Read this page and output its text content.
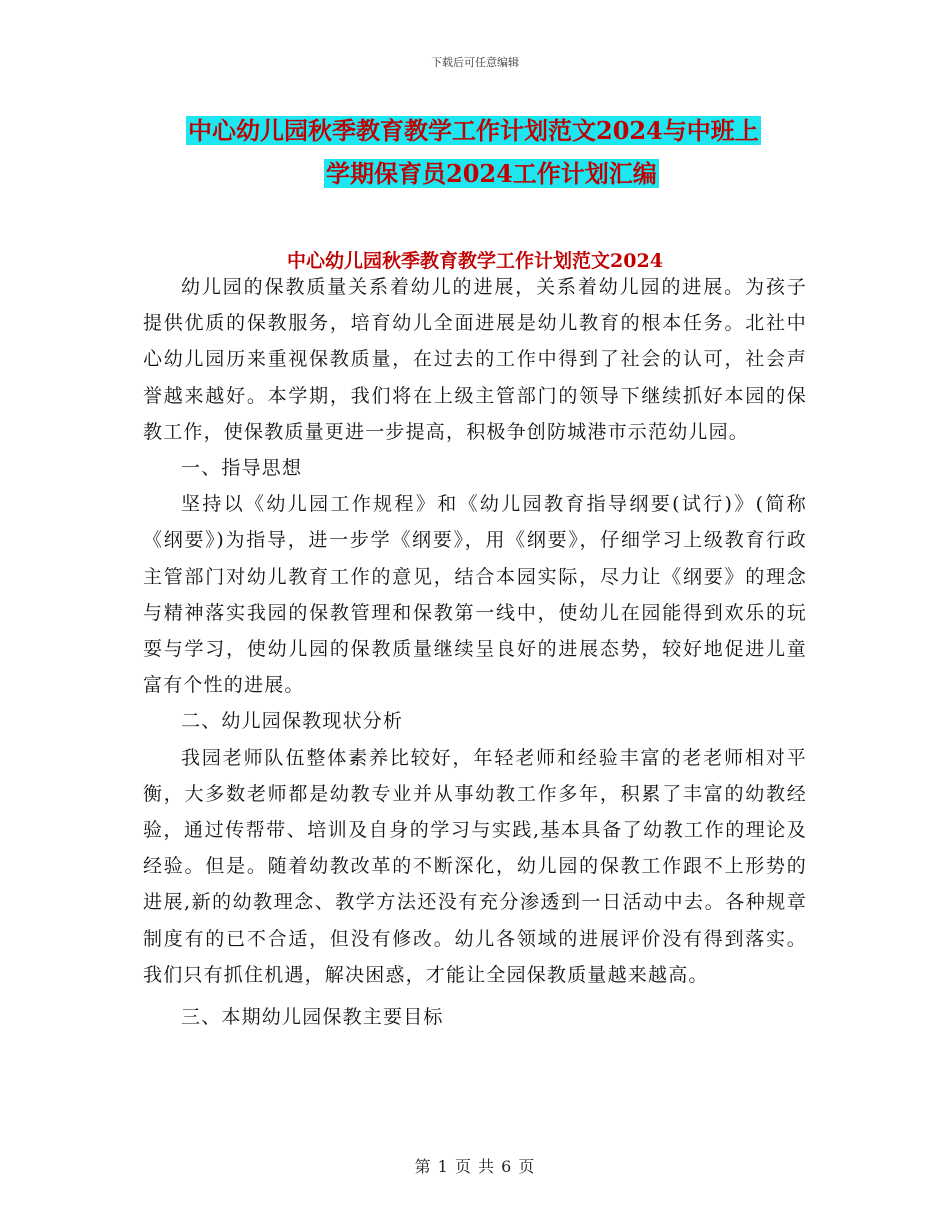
下载后可任意编辑
中心幼儿园秋季教育教学工作计划范文2024与中班上
学期保育员2024工作计划汇编
中心幼儿园秋季教育教学工作计划范文2024

幼儿园的保教质量关系着幼儿的进展，关系着幼儿园的进展。为孩子提供优质的保教服务，培育幼儿全面进展是幼儿教育的根本任务。北社中心幼儿园历来重视保教质量，在过去的工作中得到了社会的认可，社会声誉越来越好。本学期，我们将在上级主管部门的领导下继续抓好本园的保教工作，使保教质量更进一步提高，积极争创防城港市示范幼儿园。

一、指导思想

坚持以《幼儿园工作规程》和《幼儿园教育指导纲要(试行)》(简称《纲要》)为指导，进一步学《纲要》，用《纲要》，仔细学习上级教育行政主管部门对幼儿教育工作的意见，结合本园实际，尽力让《纲要》的理念与精神落实我园的保教管理和保教第一线中，使幼儿在园能得到欢乐的玩耍与学习，使幼儿园的保教质量继续呈良好的进展态势，较好地促进儿童富有个性的进展。

二、幼儿园保教现状分析

我园老师队伍整体素养比较好，年轻老师和经验丰富的老老师相对平衡，大多数老师都是幼教专业并从事幼教工作多年，积累了丰富的幼教经验，通过传帮带、培训及自身的学习与实践,基本具备了幼教工作的理论及经验。但是。随着幼教改革的不断深化，幼儿园的保教工作跟不上形势的进展,新的幼教理念、教学方法还没有充分渗透到一日活动中去。各种规章制度有的已不合适，但没有修改。幼儿各领域的进展评价没有得到落实。我们只有抓住机遇，解决困惑，才能让全园保教质量越来越高。

三、本期幼儿园保教主要目标

第 1 页 共 6 页
